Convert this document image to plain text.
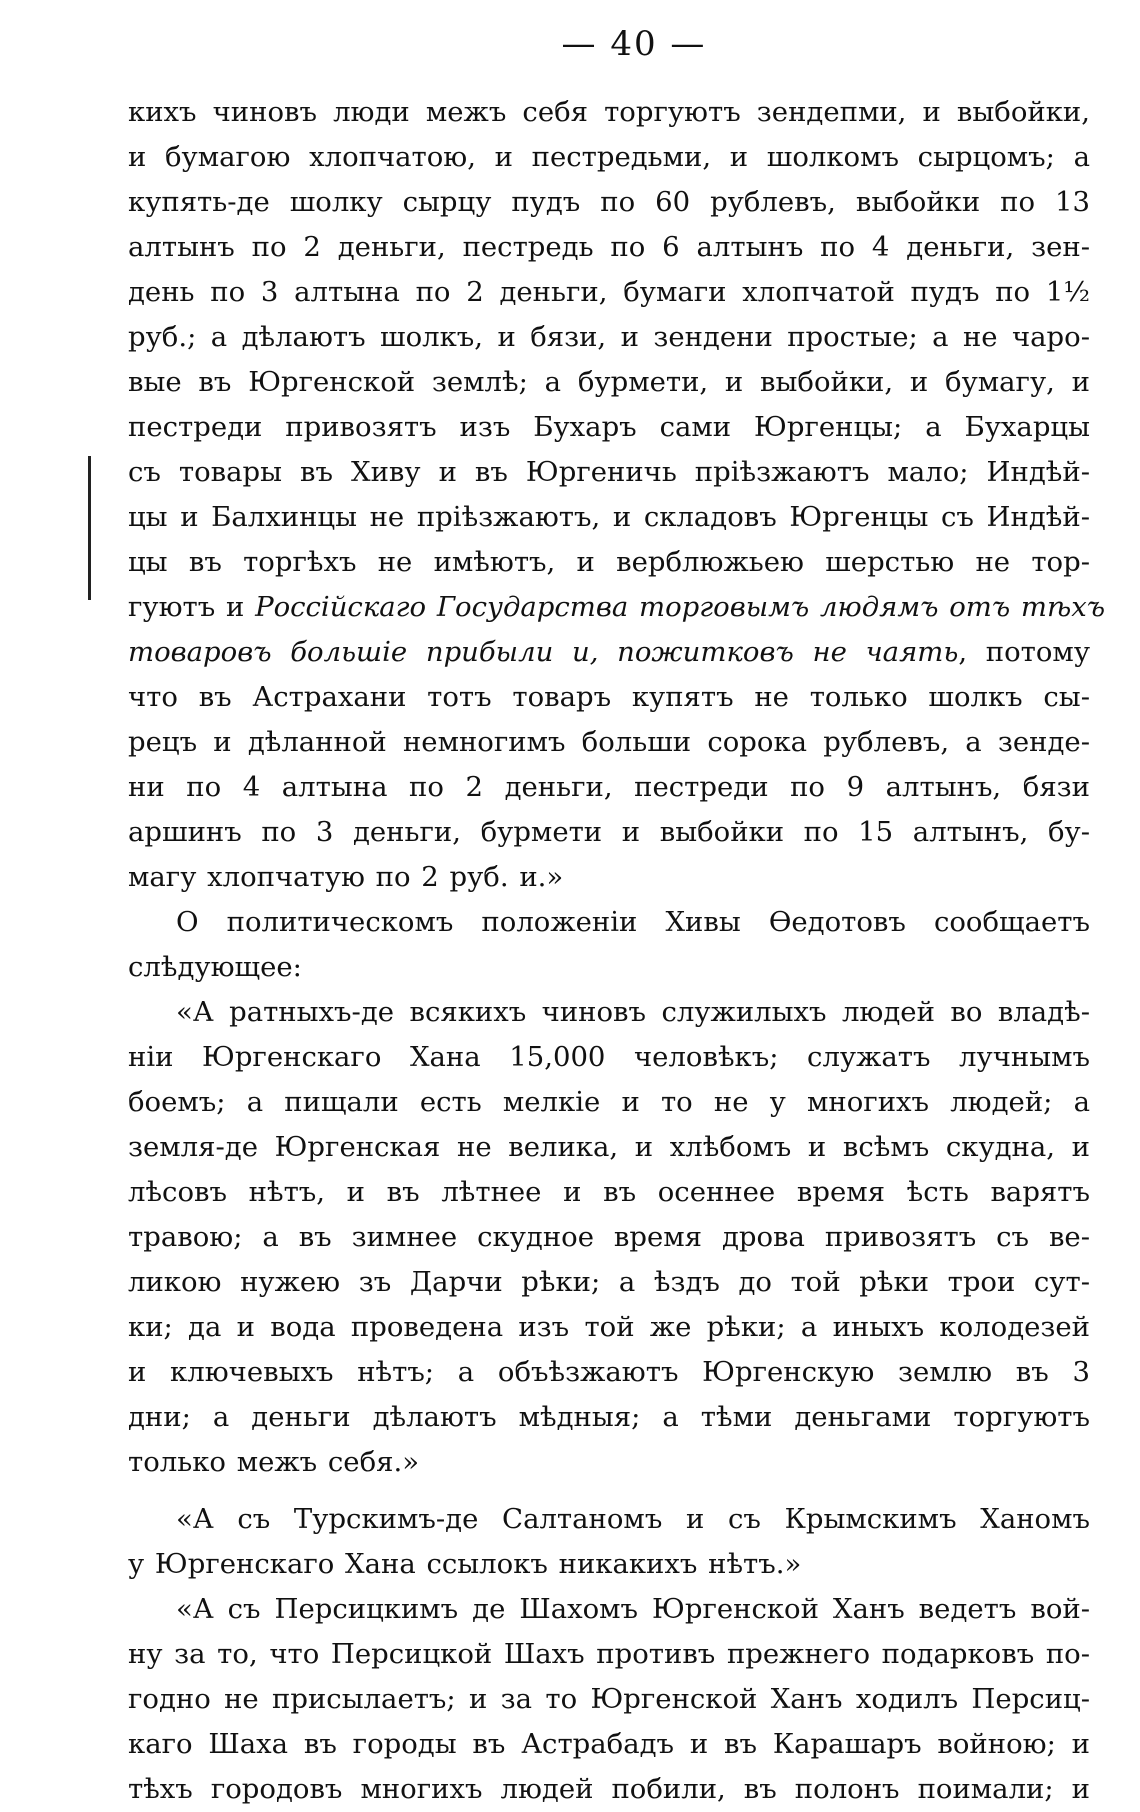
— 40 —

кихъ чиновъ люди межъ себя торгуютъ зендепми, и выбойки,
и бумагою хлопчатою, и пестредьми, и шолкомъ сырцомъ; а
купять-де шолку сырцу пудъ по 60 рублевъ, выбойки по 13
алтынъ по 2 деньги, пестредь по 6 алтынъ по 4 деньги, зен-
день по 3 алтына по 2 деньги, бумаги хлопчатой пудъ по 1½
руб.; а дѣлаютъ шолкъ, и бязи, и зендени простые; а не чаро-
вые въ Юргенской землѣ; а бурмети, и выбойки, и бумагу, и
пестреди привозятъ изъ Бухаръ сами Юргенцы; а Бухарцы
съ товары въ Хиву и въ Юргеничь пріѣзжаютъ мало; Индѣй-
цы и Балхинцы не пріѣзжаютъ, и складовъ Юргенцы съ Индѣй-
цы въ торгѣхъ не имѣютъ, и верблюжьею шерстью не тор-
гуютъ и Россійскаго Государства торговымъ людямъ отъ тѣхъ
товаровъ большіе прибыли и, пожитковъ не чаять, потому
что въ Астрахани тотъ товаръ купятъ не только шолкъ сы-
рецъ и дѣланной немногимъ больши сорока рублевъ, а зенде-
ни по 4 алтына по 2 деньги, пестреди по 9 алтынъ, бязи
аршинъ по 3 деньги, бурмети и выбойки по 15 алтынъ, бу-
магу хлопчатую по 2 руб. и.»

О политическомъ положеніи Хивы Ѳедотовъ сообщаетъ
слѣдующее:

«А ратныхъ-де всякихъ чиновъ служилыхъ людей во владѣ-
ніи Юргенскаго Хана 15,000 человѣкъ; служатъ лучнымъ
боемъ; а пищали есть мелкіе и то не у многихъ людей; а
земля-де Юргенская не велика, и хлѣбомъ и всѣмъ скудна, и
лѣсовъ нѣтъ, и въ лѣтнее и въ осеннее время ѣсть варятъ
травою; а въ зимнее скудное время дрова привозятъ съ ве-
ликою нужею зъ Дарчи рѣки; а ѣздъ до той рѣки трои сут-
ки; да и вода проведена изъ той же рѣки; а иныхъ колодезей
и ключевыхъ нѣтъ; а объѣзжаютъ Юргенскую землю въ 3
дни; а деньги дѣлаютъ мѣдныя; а тѣми деньгами торгуютъ
только межъ себя.»

«А съ Турскимъ-де Салтаномъ и съ Крымскимъ Ханомъ
у Юргенскаго Хана ссылокъ никакихъ нѣтъ.»

«А съ Персицкимъ де Шахомъ Юргенской Ханъ ведетъ вой-
ну за то, что Персицкой Шахъ противъ прежнего подарковъ по-
годно не присылаетъ; и за то Юргенской Ханъ ходилъ Персиц-
каго Шаха въ городы въ Астрабадъ и въ Карашаръ войною; и
тѣхъ городовъ многихъ людей побили, въ полонъ поимали; и
